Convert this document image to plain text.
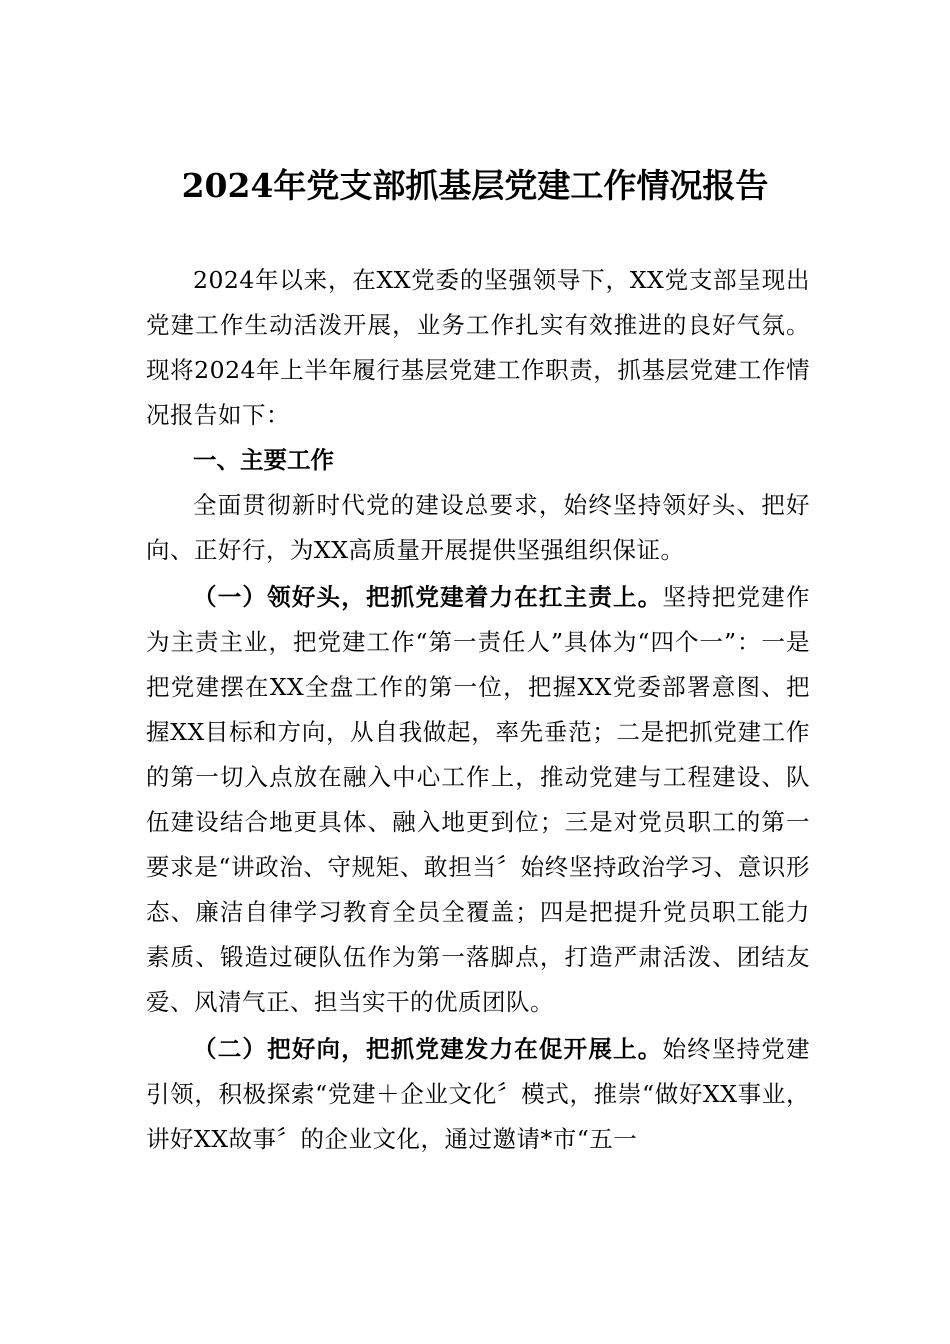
2024年党支部抓基层党建工作情况报告

2024年以来，在XX党委的坚强领导下，XX党支部呈现出党建工作生动活泼开展，业务工作扎实有效推进的良好气氛。现将2024年上半年履行基层党建工作职责，抓基层党建工作情况报告如下：

一、主要工作

全面贯彻新时代党的建设总要求，始终坚持领好头、把好向、正好行，为XX高质量开展提供坚强组织保证。

（一）领好头，把抓党建着力在扛主责上。坚持把党建作为主责主业，把党建工作“第一责任人”具体为“四个一”：一是把党建摆在XX全盘工作的第一位，把握XX党委部署意图、把握XX目标和方向，从自我做起，率先垂范；二是把抓党建工作的第一切入点放在融入中心工作上，推动党建与工程建设、队伍建设结合地更具体、融入地更到位；三是对党员职工的第一要求是“讲政治、守规矩、敢担当〞始终坚持政治学习、意识形态、廉洁自律学习教育全员全覆盖；四是把提升党员职工能力素质、锻造过硬队伍作为第一落脚点，打造严肃活泼、团结友爱、风清气正、担当实干的优质团队。

（二）把好向，把抓党建发力在促开展上。始终坚持党建引领，积极探索“党建＋企业文化〞模式，推崇“做好XX事业，讲好XX故事〞的企业文化，通过邀请*市“五一
